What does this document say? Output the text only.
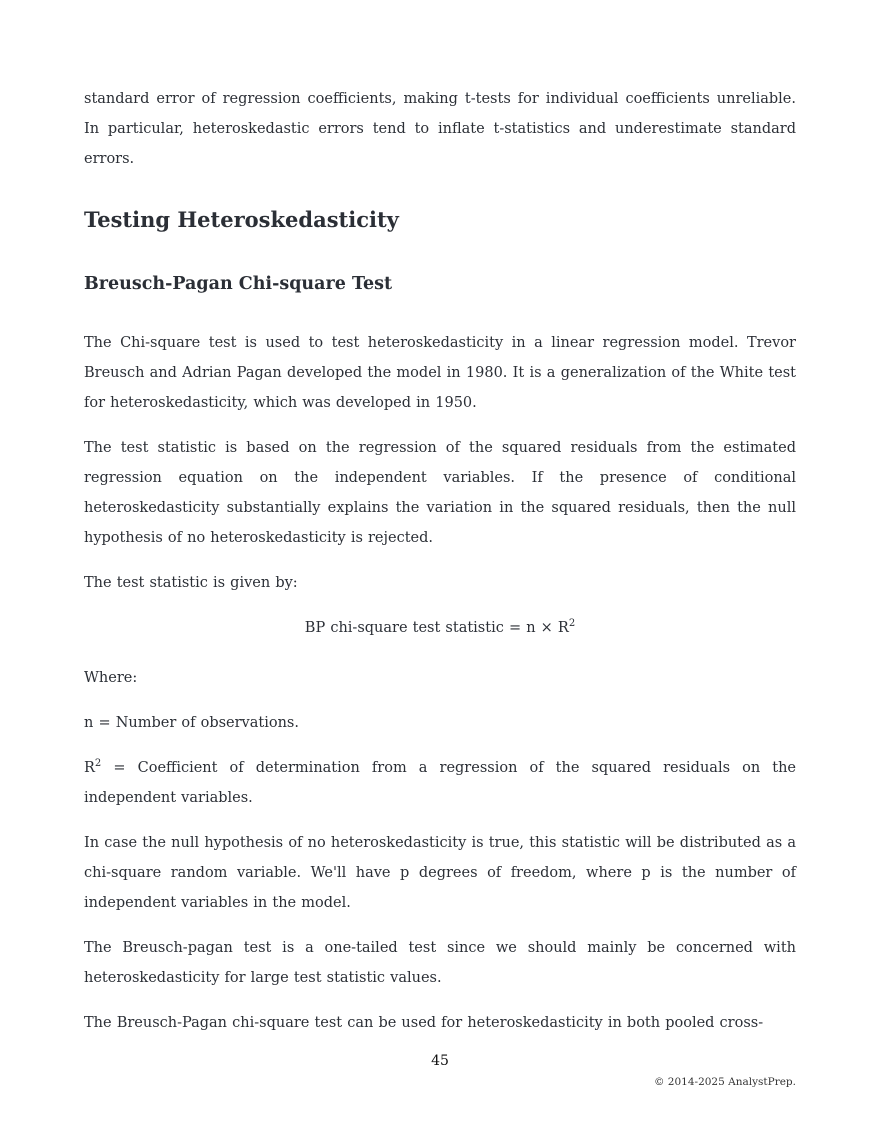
standard error of regression coefficients, making t-tests for individual coefficients unreliable. In particular, heteroskedastic errors tend to inflate t-statistics and underestimate standard errors.

Testing Heteroskedasticity
Breusch-Pagan Chi-square Test

The Chi-square test is used to test heteroskedasticity in a linear regression model. Trevor Breusch and Adrian Pagan developed the model in 1980. It is a generalization of the White test for heteroskedasticity, which was developed in 1950.

The test statistic is based on the regression of the squared residuals from the estimated regression equation on the independent variables. If the presence of conditional heteroskedasticity substantially explains the variation in the squared residuals, then the null hypothesis of no heteroskedasticity is rejected.

The test statistic is given by:

BP chi-square test statistic = $n \times R^2$

Where:

n = Number of observations.

$R^2$ = Coefficient of determination from a regression of the squared residuals on the independent variables.

In case the null hypothesis of no heteroskedasticity is true, this statistic will be distributed as a chi-square random variable. We'll have p degrees of freedom, where p is the number of independent variables in the model.

The Breusch-pagan test is a one-tailed test since we should mainly be concerned with heteroskedasticity for large test statistic values.

The Breusch-Pagan chi-square test can be used for heteroskedasticity in both pooled cross-

45
© 2014-2025 AnalystPrep.
